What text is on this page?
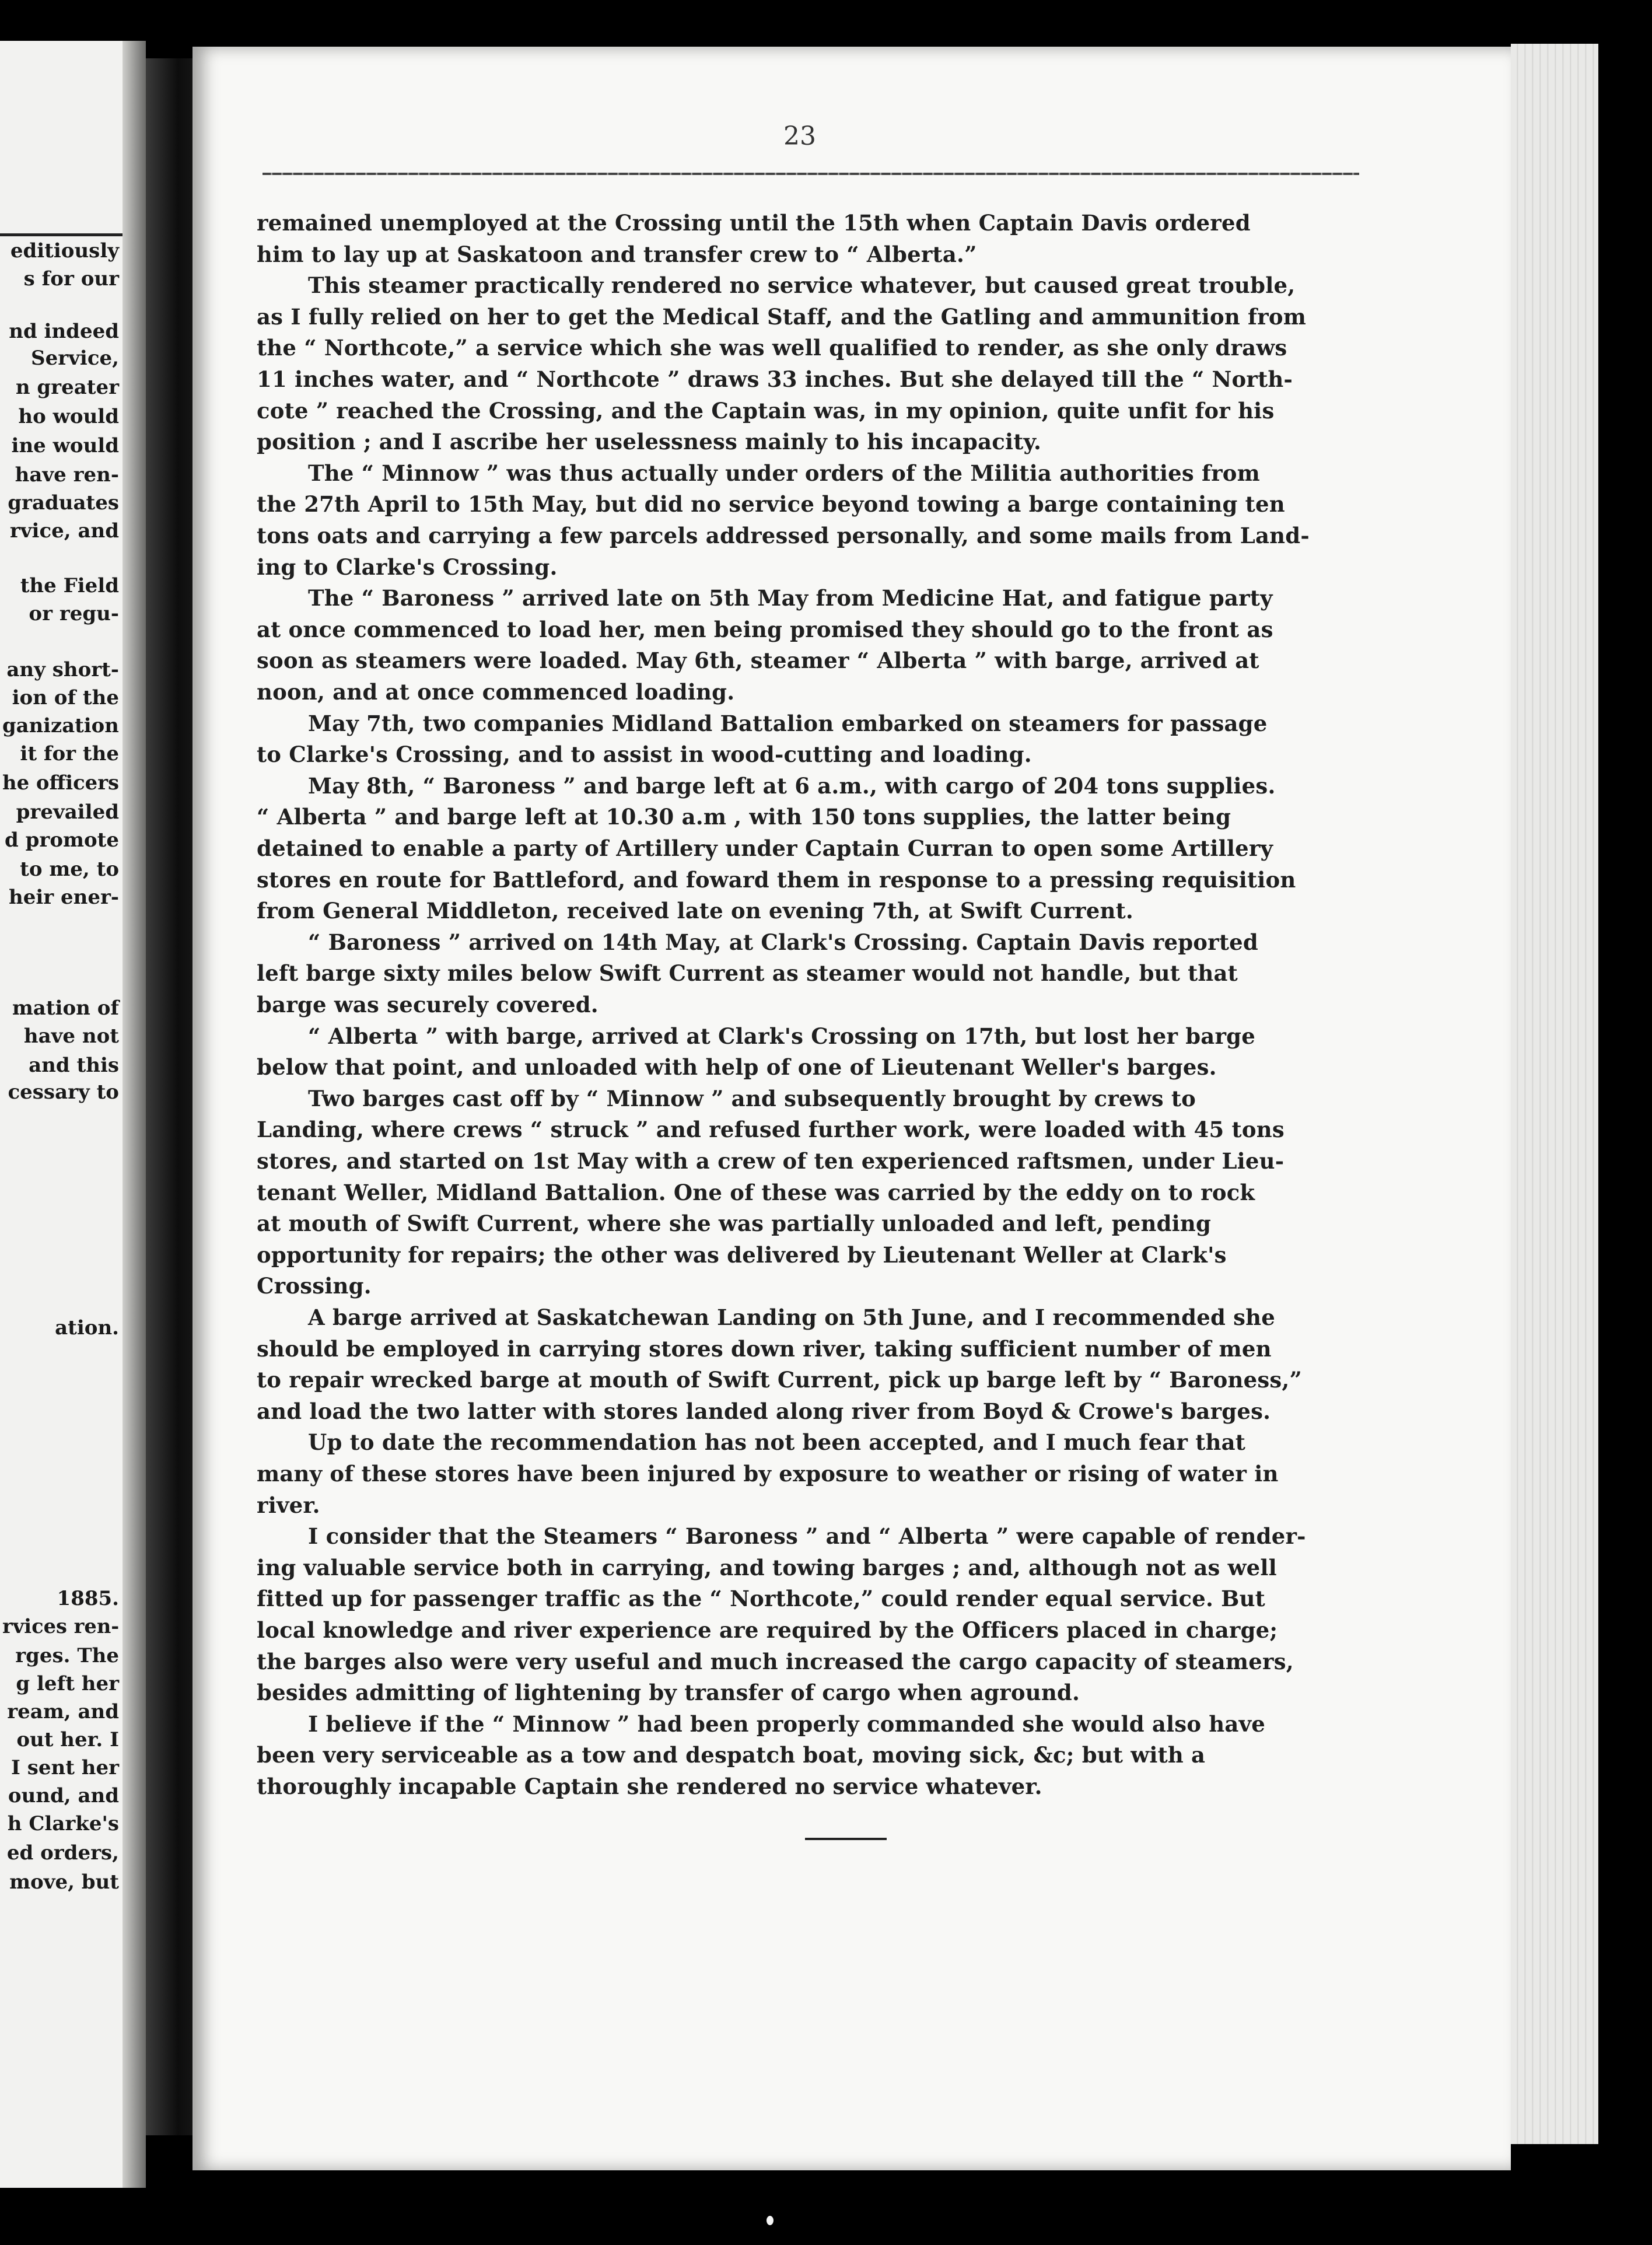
editiously
s for our
nd indeed
Service,
n greater
ho would
ine would
have ren-
graduates
rvice, and
the Field
or regu-
any short-
ion of the
ganization
it for the
he officers
prevailed
d promote
to me, to
heir ener-
mation of
have not
and this
cessary to
ation.
1885.
rvices ren-
rges. The
g left her
ream, and
out her. I
I sent her
ound, and
h Clarke's
ed orders,
move, but
23
remained unemployed at the Crossing until the 15th when Captain Davis ordered
him to lay up at Saskatoon and transfer crew to “ Alberta.”
This steamer practically rendered no service whatever, but caused great trouble,
as I fully relied on her to get the Medical Staff, and the Gatling and ammunition from
the “ Northcote,” a service which she was well qualified to render, as she only draws
11 inches water, and “ Northcote ” draws 33 inches. But she delayed till the “ North-
cote ” reached the Crossing, and the Captain was, in my opinion, quite unfit for his
position ; and I ascribe her uselessness mainly to his incapacity.
The “ Minnow ” was thus actually under orders of the Militia authorities from
the 27th April to 15th May, but did no service beyond towing a barge containing ten
tons oats and carrying a few parcels addressed personally, and some mails from Land-
ing to Clarke's Crossing.
The “ Baroness ” arrived late on 5th May from Medicine Hat, and fatigue party
at once commenced to load her, men being promised they should go to the front as
soon as steamers were loaded. May 6th, steamer “ Alberta ” with barge, arrived at
noon, and at once commenced loading.
May 7th, two companies Midland Battalion embarked on steamers for passage
to Clarke's Crossing, and to assist in wood-cutting and loading.
May 8th, “ Baroness ” and barge left at 6 a.m., with cargo of 204 tons supplies.
“ Alberta ” and barge left at 10.30 a.m , with 150 tons supplies, the latter being
detained to enable a party of Artillery under Captain Curran to open some Artillery
stores en route for Battleford, and foward them in response to a pressing requisition
from General Middleton, received late on evening 7th, at Swift Current.
“ Baroness ” arrived on 14th May, at Clark's Crossing. Captain Davis reported
left barge sixty miles below Swift Current as steamer would not handle, but that
barge was securely covered.
“ Alberta ” with barge, arrived at Clark's Crossing on 17th, but lost her barge
below that point, and unloaded with help of one of Lieutenant Weller's barges.
Two barges cast off by “ Minnow ” and subsequently brought by crews to
Landing, where crews “ struck ” and refused further work, were loaded with 45 tons
stores, and started on 1st May with a crew of ten experienced raftsmen, under Lieu-
tenant Weller, Midland Battalion. One of these was carried by the eddy on to rock
at mouth of Swift Current, where she was partially unloaded and left, pending
opportunity for repairs; the other was delivered by Lieutenant Weller at Clark's
Crossing.
A barge arrived at Saskatchewan Landing on 5th June, and I recommended she
should be employed in carrying stores down river, taking sufficient number of men
to repair wrecked barge at mouth of Swift Current, pick up barge left by “ Baroness,”
and load the two latter with stores landed along river from Boyd & Crowe's barges.
Up to date the recommendation has not been accepted, and I much fear that
many of these stores have been injured by exposure to weather or rising of water in
river.
I consider that the Steamers “ Baroness ” and “ Alberta ” were capable of render-
ing valuable service both in carrying, and towing barges ; and, although not as well
fitted up for passenger traffic as the “ Northcote,” could render equal service. But
local knowledge and river experience are required by the Officers placed in charge;
the barges also were very useful and much increased the cargo capacity of steamers,
besides admitting of lightening by transfer of cargo when aground.
I believe if the “ Minnow ” had been properly commanded she would also have
been very serviceable as a tow and despatch boat, moving sick, &c; but with a
thoroughly incapable Captain she rendered no service whatever.
